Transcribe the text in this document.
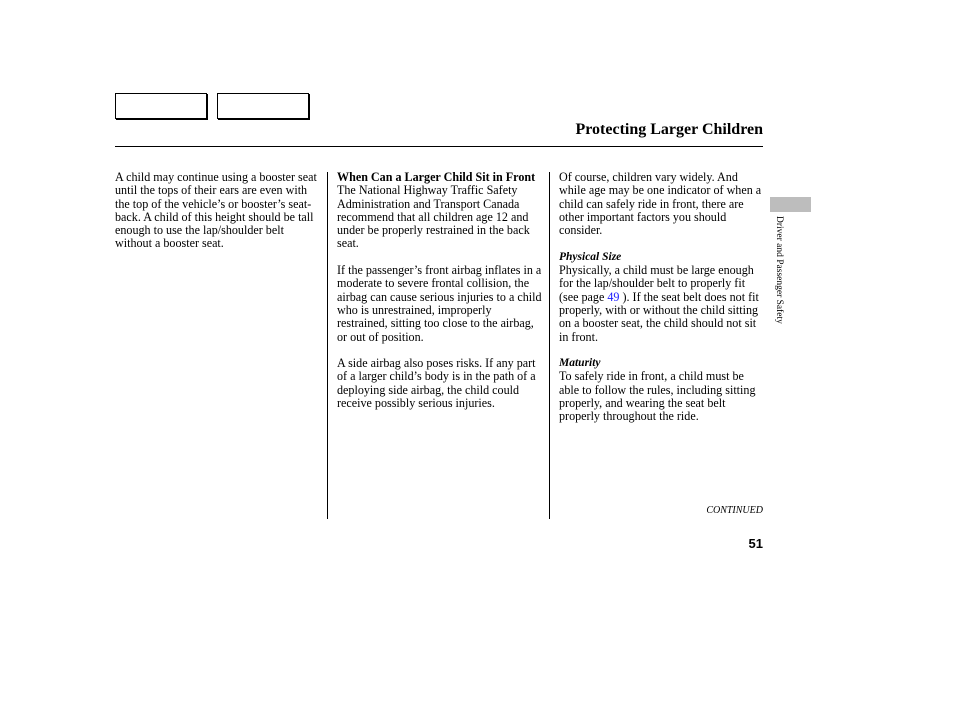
Protecting Larger Children

A child may continue using a booster seat until the tops of their ears are even with the top of the vehicle’s or booster’s seat-back. A child of this height should be tall enough to use the lap/shoulder belt without a booster seat.

When Can a Larger Child Sit in Front

The National Highway Traffic Safety Administration and Transport Canada recommend that all children age 12 and under be properly restrained in the back seat.

If the passenger’s front airbag inflates in a moderate to severe frontal collision, the airbag can cause serious injuries to a child who is unrestrained, improperly restrained, sitting too close to the airbag, or out of position.

A side airbag also poses risks. If any part of a larger child’s body is in the path of a deploying side airbag, the child could receive possibly serious injuries.

Of course, children vary widely. And while age may be one indicator of when a child can safely ride in front, there are other important factors you should consider.

Physical Size

Physically, a child must be large enough for the lap/shoulder belt to properly fit (see page 49 ). If the seat belt does not fit properly, with or without the child sitting on a booster seat, the child should not sit in front.

Maturity

To safely ride in front, a child must be able to follow the rules, including sitting properly, and wearing the seat belt properly throughout the ride.

Driver and Passenger Safety
CONTINUED
51
